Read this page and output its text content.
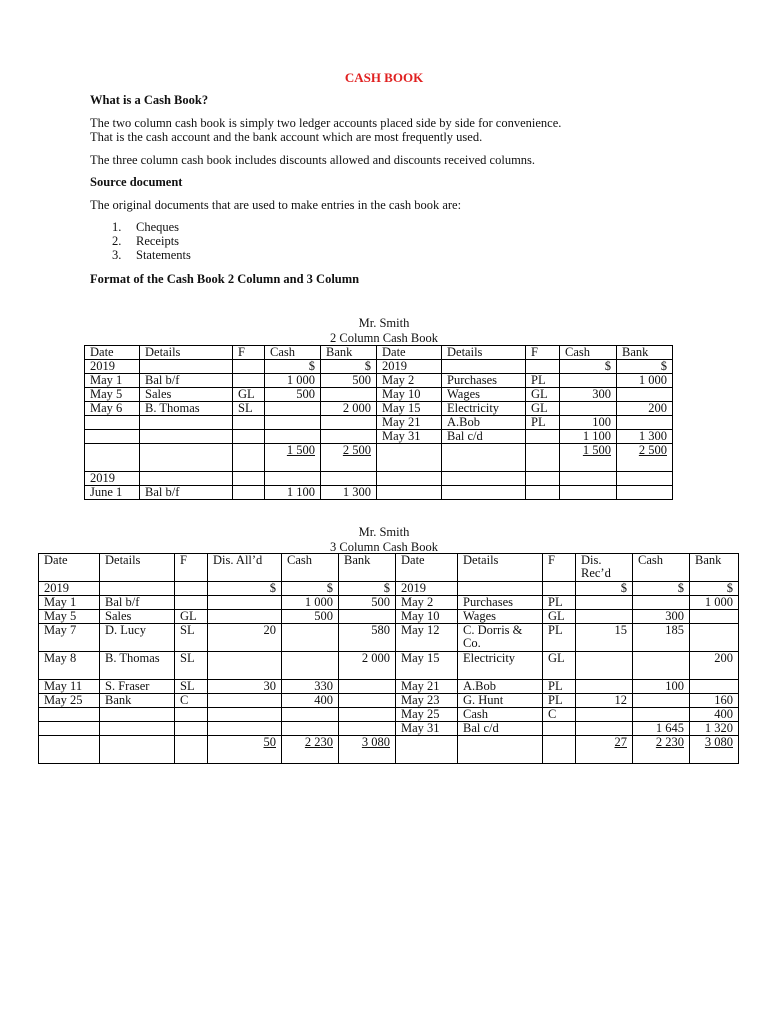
CASH BOOK
What is a Cash Book?
The two column cash book is simply two ledger accounts placed side by side for convenience.
That is the cash account and the bank account which are most frequently used.
The three column cash book includes discounts allowed and discounts received columns.
Source document
The original documents that are used to make entries in the cash book are:
1. Cheques
2. Receipts
3. Statements
Format of the Cash Book 2 Column and 3 Column
Mr. Smith
2 Column Cash Book
Date	Details	F	Cash	Bank	Date	Details	F	Cash	Bank
2019			$	$	2019			$	$
May 1	Bal b/f		1 000	500	May 2	Purchases	PL		1 000
May 5	Sales	GL	500		May 10	Wages	GL	300	
May 6	B. Thomas	SL		2 000	May 15	Electricity	GL		200
					May 21	A.Bob	PL	100	
					May 31	Bal c/d		1 100	1 300
			1 500	2 500				1 500	2 500
2019									
June 1	Bal b/f		1 100	1 300					
Mr. Smith
3 Column Cash Book
Date	Details	F	Dis. All’d	Cash	Bank	Date	Details	F	Dis. Rec’d	Cash	Bank
2019			$	$	$	2019			$	$	$
May 1	Bal b/f			1 000	500	May 2	Purchases	PL			1 000
May 5	Sales	GL		500		May 10	Wages	GL		300	
May 7	D. Lucy	SL	20		580	May 12	C. Dorris & Co.	PL	15	185	
May 8	B. Thomas	SL			2 000	May 15	Electricity	GL			200
May 11	S. Fraser	SL	30	330		May 21	A.Bob	PL		100	
May 25	Bank	C		400		May 23	G. Hunt	PL	12		160
						May 25	Cash	C			400
						May 31	Bal c/d			1 645	1 320
			50	2 230	3 080				27	2 230	3 080
